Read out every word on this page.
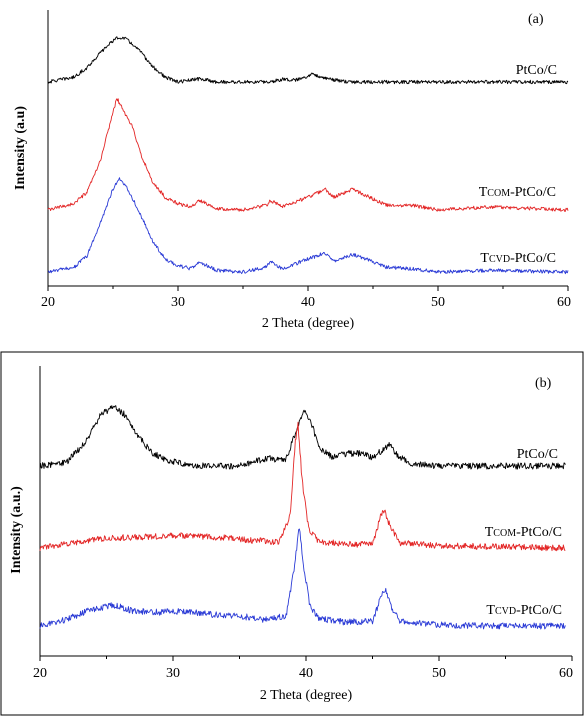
20	30	40	50	60
2 Theta (degree)
Intensity (a.u)
(a)
PtCo/C
TCOM-PtCo/C
TCVD-PtCo/C
20	30	40	50	60
2 Theta (degree)
Intensity (a.u.)
(b)
PtCo/C
TCOM-PtCo/C
TCVD-PtCo/C
